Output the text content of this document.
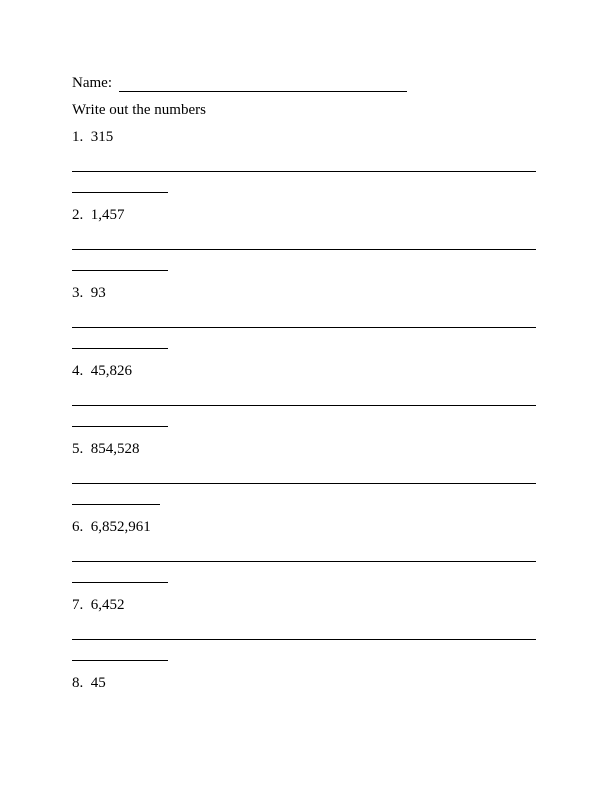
Name:
Write out the numbers
1.  315
2.  1,457
3.  93
4.  45,826
5.  854,528
6.  6,852,961
7.  6,452
8.  45
